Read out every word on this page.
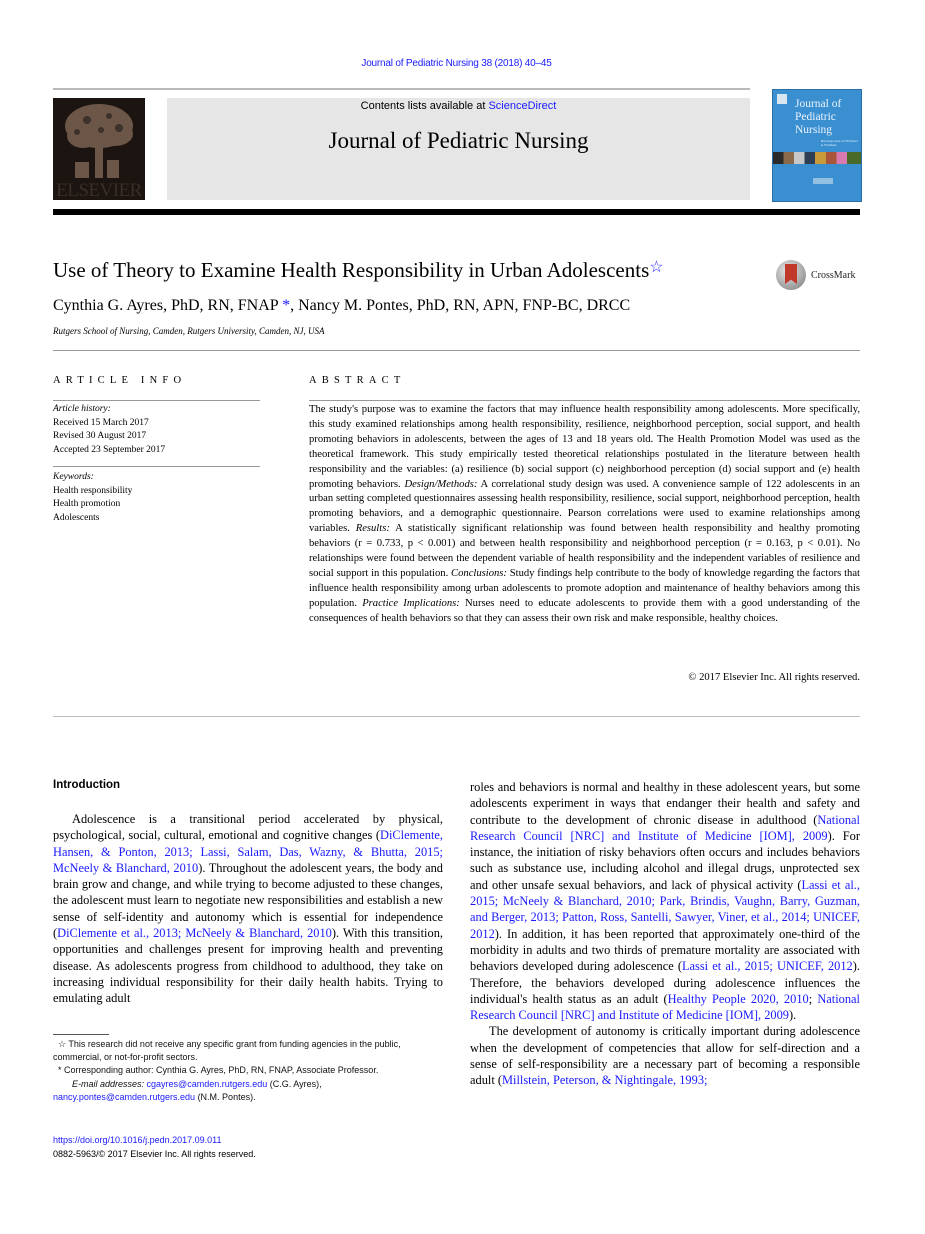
Journal of Pediatric Nursing 38 (2018) 40–45
ELSEVIER
Contents lists available at ScienceDirect
Journal of Pediatric Nursing
Journal of
Pediatric
Nursing
Nursing Care of Children & Families
Use of Theory to Examine Health Responsibility in Urban Adolescents☆	CrossMark
Cynthia G. Ayres, PhD, RN, FNAP *, Nancy M. Pontes, PhD, RN, APN, FNP-BC, DRCC
Rutgers School of Nursing, Camden, Rutgers University, Camden, NJ, USA
ARTICLE INFO
Article history:
Received 15 March 2017
Revised 30 August 2017
Accepted 23 September 2017
Keywords:
Health responsibility
Health promotion
Adolescents
ABSTRACT
The study's purpose was to examine the factors that may influence health responsibility among adolescents. More specifically, this study examined relationships among health responsibility, resilience, neighborhood perception, social support, and health promoting behaviors in adolescents, between the ages of 13 and 18 years old. The Health Promotion Model was used as the theoretical framework. This study empirically tested theoretical relationships postulated in the literature between health responsibility and the variables: (a) resilience (b) social support (c) neighborhood perception (d) social support and (e) health promoting behaviors. Design/Methods: A correlational study design was used. A convenience sample of 122 adolescents in an urban setting completed questionnaires assessing health responsibility, resilience, social support, neighborhood perception, health promoting behaviors, and a demographic questionnaire. Pearson correlations were used to examine relationships among variables. Results: A statistically significant relationship was found between health responsibility and healthy promoting behaviors (r = 0.733, p < 0.001) and between health responsibility and neighborhood perception (r = 0.163, p < 0.01). No relationships were found between the dependent variable of health responsibility and the independent variables of resilience and social support in this population. Conclusions: Study findings help contribute to the body of knowledge regarding the factors that influence health responsibility among urban adolescents to promote adoption and maintenance of healthy behaviors among this population. Practice Implications: Nurses need to educate adolescents to provide them with a good understanding of the consequences of health behaviors so that they can assess their own risk and make responsible, healthy choices.
© 2017 Elsevier Inc. All rights reserved.
Introduction

Adolescence is a transitional period accelerated by physical, psychological, social, cultural, emotional and cognitive changes (DiClemente, Hansen, & Ponton, 2013; Lassi, Salam, Das, Wazny, & Bhutta, 2015; McNeely & Blanchard, 2010). Throughout the adolescent years, the body and brain grow and change, and while trying to become adjusted to these changes, the adolescent must learn to negotiate new responsibilities and establish a new sense of self-identity and autonomy which is essential for independence (DiClemente et al., 2013; McNeely & Blanchard, 2010). With this transition, opportunities and challenges present for improving health and preventing disease. As adolescents progress from childhood to adulthood, they take on increasing individual responsibility for their daily health habits. Trying to emulating adult

roles and behaviors is normal and healthy in these adolescent years, but some adolescents experiment in ways that endanger their health and safety and contribute to the development of chronic disease in adulthood (National Research Council [NRC] and Institute of Medicine [IOM], 2009). For instance, the initiation of risky behaviors often occurs and includes behaviors such as substance use, including alcohol and illegal drugs, unprotected sex and other unsafe sexual behaviors, and lack of physical activity (Lassi et al., 2015; McNeely & Blanchard, 2010; Park, Brindis, Vaughn, Barry, Guzman, and Berger, 2013; Patton, Ross, Santelli, Sawyer, Viner, et al., 2014; UNICEF, 2012). In addition, it has been reported that approximately one-third of the morbidity in adults and two thirds of premature mortality are associated with behaviors developed during adolescence (Lassi et al., 2015; UNICEF, 2012). Therefore, the behaviors developed during adolescence influences the individual's health status as an adult (Healthy People 2020, 2010; National Research Council [NRC] and Institute of Medicine [IOM], 2009).

The development of autonomy is critically important during adolescence when the development of competencies that allow for self-direction and a sense of self-responsibility are a necessary part of becoming a responsible adult (Millstein, Peterson, & Nightingale, 1993;

☆ This research did not receive any specific grant from funding agencies in the public, commercial, or not-for-profit sectors.

* Corresponding author: Cynthia G. Ayres, PhD, RN, FNAP, Associate Professor.

E-mail addresses: cgayres@camden.rutgers.edu (C.G. Ayres),
nancy.pontes@camden.rutgers.edu (N.M. Pontes).

https://doi.org/10.1016/j.pedn.2017.09.011
0882-5963/© 2017 Elsevier Inc. All rights reserved.
